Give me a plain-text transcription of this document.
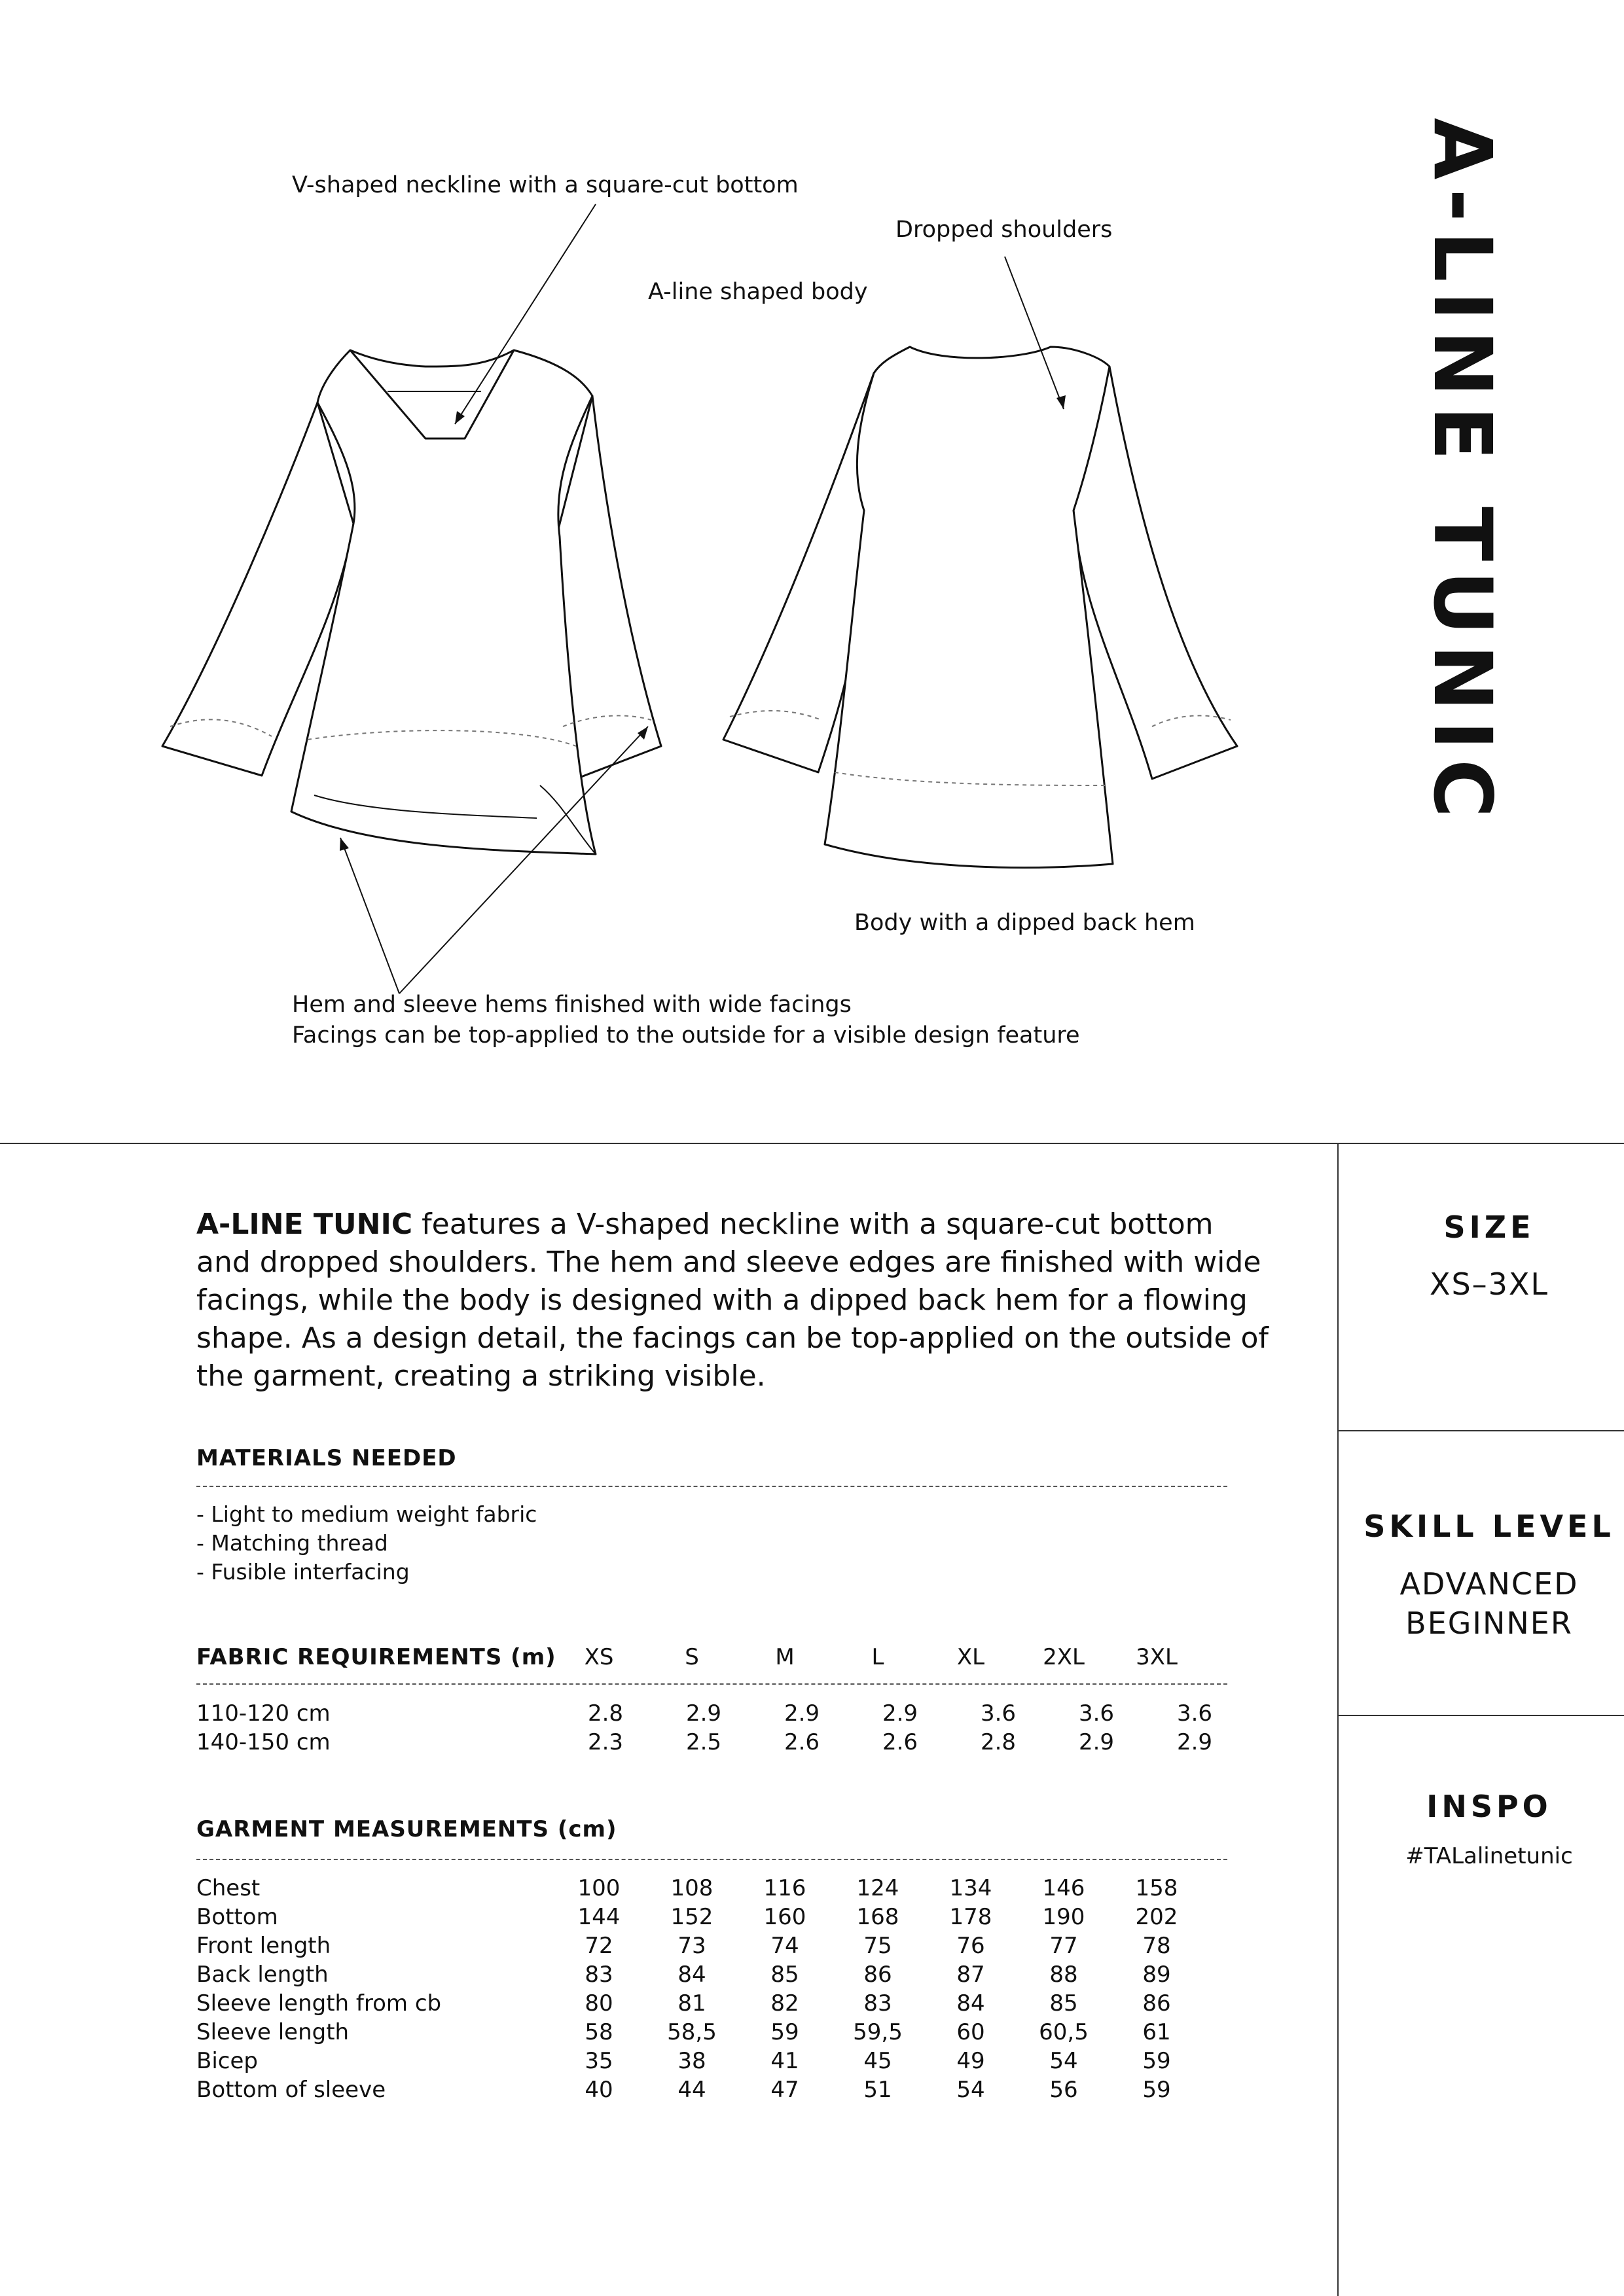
V-shaped neckline with a square-cut bottom
Dropped shoulders
A-line shaped body
Body with a dipped back hem
Hem and sleeve hems finished with wide facings
Facings can be top-applied to the outside for a visible design feature
A-LINE TUNIC
A-LINE TUNIC features a V-shaped neckline with a square-cut bottom and dropped shoulders. The hem and sleeve edges are finished with wide facings, while the body is designed with a dipped back hem for a flowing shape. As a design detail, the facings can be top-applied on the outside of the garment, creating a striking visible.
MATERIALS NEEDED
- Light to medium weight fabric
- Matching thread
- Fusible interfacing
FABRIC REQUIREMENTS (m)	XS	S	M	L	XL	2XL	3XL
110-120 cm	2.8	2.9	2.9	2.9	3.6	3.6	3.6
140-150 cm	2.3	2.5	2.6	2.6	2.8	2.9	2.9
GARMENT MEASUREMENTS (cm)
Chest	100	108	116	124	134	146	158
Bottom	144	152	160	168	178	190	202
Front length	72	73	74	75	76	77	78
Back length	83	84	85	86	87	88	89
Sleeve length from cb	80	81	82	83	84	85	86
Sleeve length	58	58,5	59	59,5	60	60,5	61
Bicep	35	38	41	45	49	54	59
Bottom of sleeve	40	44	47	51	54	56	59
SIZE
XS–3XL
SKILL LEVEL
ADVANCED
BEGINNER
INSPO
#TALalinetunic
